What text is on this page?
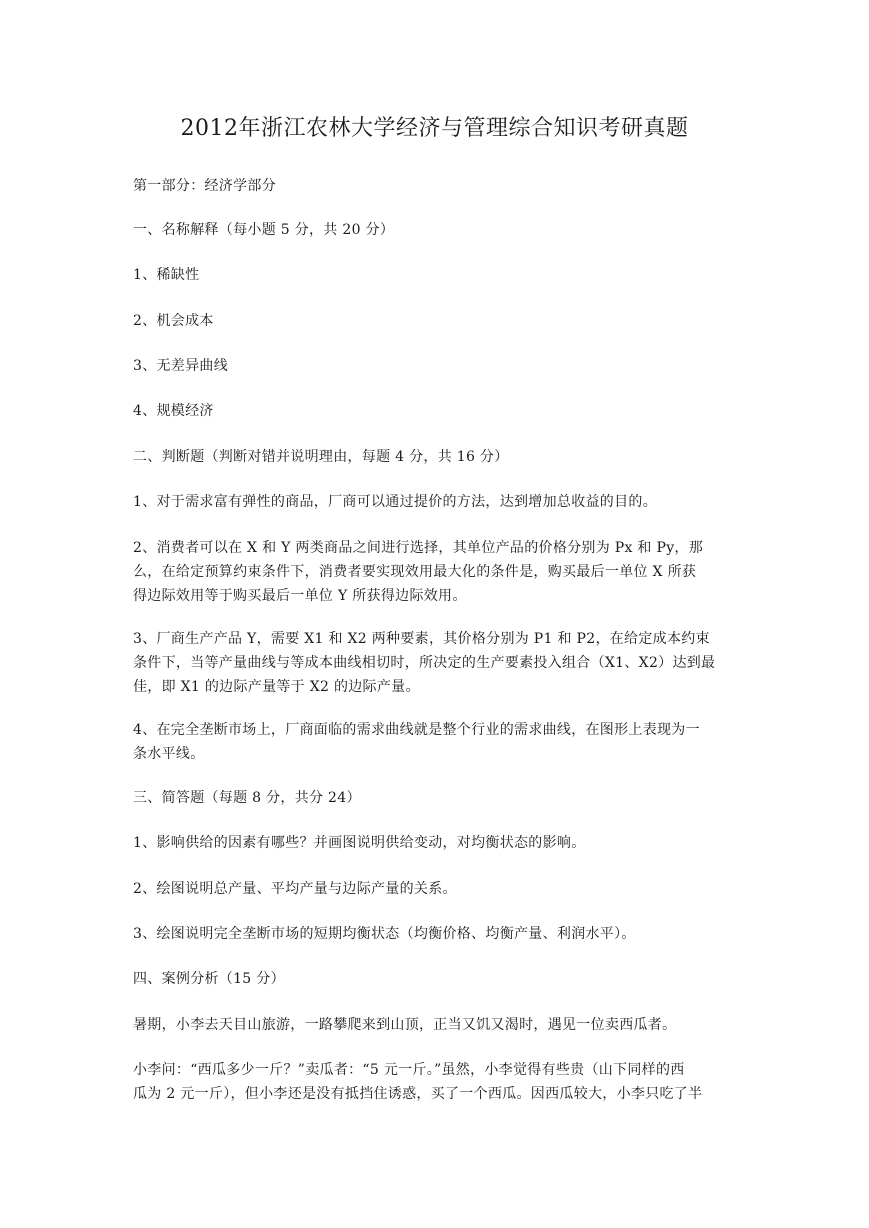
2012年浙江农林大学经济与管理综合知识考研真题
第一部分：经济学部分
一、名称解释（每小题 5 分，共 20 分）
1、稀缺性
2、机会成本
3、无差异曲线
4、规模经济
二、判断题（判断对错并说明理由，每题 4 分，共 16 分）
1、对于需求富有弹性的商品，厂商可以通过提价的方法，达到增加总收益的目的。
2、消费者可以在 X 和 Y 两类商品之间进行选择，其单位产品的价格分别为 Px 和 Py，那
么，在给定预算约束条件下，消费者要实现效用最大化的条件是，购买最后一单位 X 所获
得边际效用等于购买最后一单位 Y 所获得边际效用。
3、厂商生产产品 Y，需要 X1 和 X2 两种要素，其价格分别为 P1 和 P2，在给定成本约束
条件下，当等产量曲线与等成本曲线相切时，所决定的生产要素投入组合（X1、X2）达到最
佳，即 X1 的边际产量等于 X2 的边际产量。
4、在完全垄断市场上，厂商面临的需求曲线就是整个行业的需求曲线，在图形上表现为一
条水平线。
三、简答题（每题 8 分，共分 24）
1、影响供给的因素有哪些？并画图说明供给变动，对均衡状态的影响。
2、绘图说明总产量、平均产量与边际产量的关系。
3、绘图说明完全垄断市场的短期均衡状态（均衡价格、均衡产量、利润水平）。
四、案例分析（15 分）
暑期，小李去天目山旅游，一路攀爬来到山顶，正当又饥又渴时，遇见一位卖西瓜者。
小李问：“西瓜多少一斤？”卖瓜者：“5 元一斤。”虽然，小李觉得有些贵（山下同样的西
瓜为 2 元一斤），但小李还是没有抵挡住诱惑，买了一个西瓜。因西瓜较大，小李只吃了半
